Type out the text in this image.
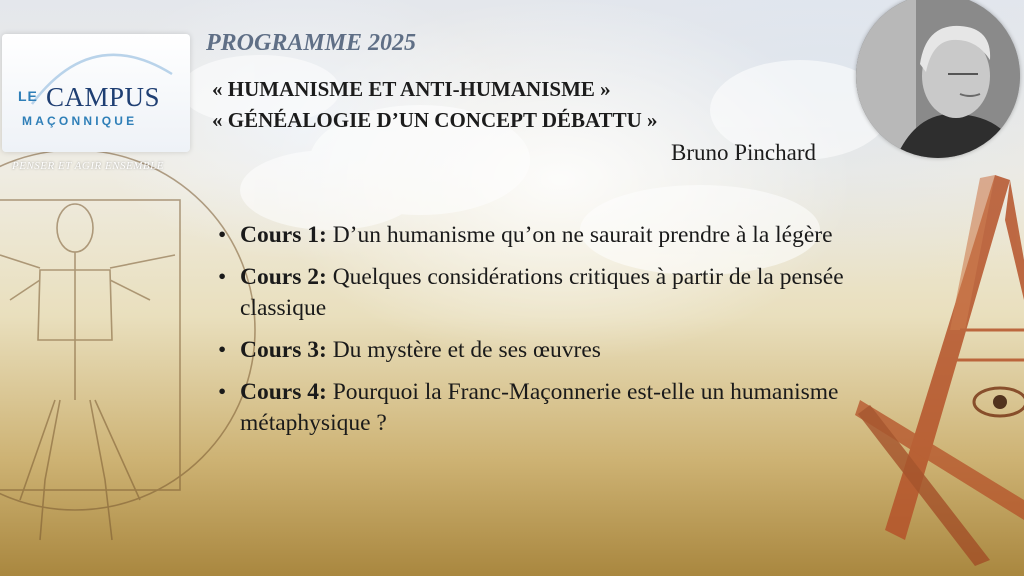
LE CAMPUS
MAÇONNIQUE
PENSER ET AGIR ENSEMBLE
PROGRAMME 2025
« HUMANISME ET ANTI-HUMANISME »
« GÉNÉALOGIE D’UN CONCEPT DÉBATTU »
Bruno Pinchard
• Cours 1: D’un humanisme qu’on ne saurait prendre à la légère
• Cours 2: Quelques considérations critiques à partir de la pensée classique
• Cours 3: Du mystère et de ses œuvres
• Cours 4: Pourquoi la Franc-Maçonnerie est-elle un humanisme métaphysique ?
